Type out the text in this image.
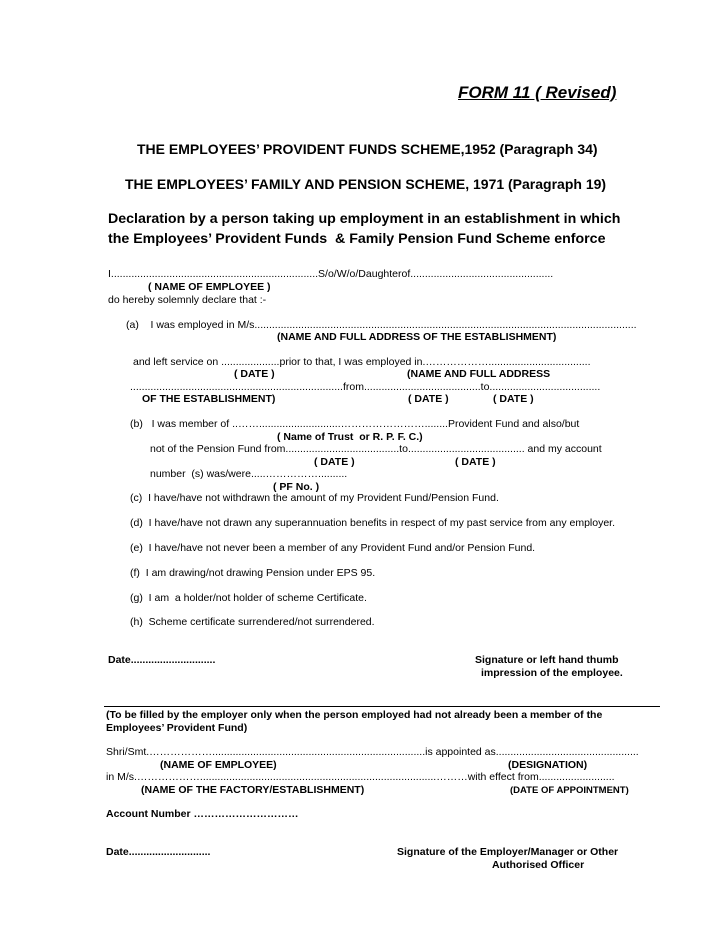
FORM 11 ( Revised)
THE EMPLOYEES’ PROVIDENT FUNDS SCHEME,1952 (Paragraph 34)
THE EMPLOYEES’ FAMILY AND PENSION SCHEME, 1971 (Paragraph 19)
Declaration by a person taking up employment in an establishment in which
the Employees’ Provident Funds  & Family Pension Fund Scheme enforce
I.......................................................................S/o/W/o/Daughterof.................................................
( NAME OF EMPLOYEE )
do hereby solemnly declare that :-
(a)    I was employed in M/s...................................................................................................................................
(NAME AND FULL ADDRESS OF THE ESTABLISHMENT)
and left service on ....................prior to that, I was employed in.………………...................................
( DATE )	(NAME AND FULL ADDRESS
.........................................................................from........................................to......................................
OF THE ESTABLISHMENT)	( DATE )	( DATE )
(b)   I was member of ..……............................……………………........Provident Fund and also/but
( Name of Trust  or R. P. F. C.)
not of the Pension Fund from.......................................to........................................ and my account
( DATE )	( DATE )
number  (s) was/were.....……………..........
( PF No. )
(c)  I have/have not withdrawn the amount of my Provident Fund/Pension Fund.
(d)  I have/have not drawn any superannuation benefits in respect of my past service from any employer.
(e)  I have/have not never been a member of any Provident Fund and/or Pension Fund.
(f)  I am drawing/not drawing Pension under EPS 95.
(g)  I am  a holder/not holder of scheme Certificate.
(h)  Scheme certificate surrendered/not surrendered.
Date.............................	Signature or left hand thumb
impression of the employee.
(To be filled by the employer only when the person employed had not already been a member of the
Employees’ Provident Fund)
Shri/Smt.……………….........................................................................is appointed as.................................................
(NAME OF EMPLOYEE)	(DESIGNATION)
in M/s.……………….................................................................................………with effect from..........................
(NAME OF THE FACTORY/ESTABLISHMENT)	(DATE OF APPOINTMENT)
Account Number …………………………
Date............................	Signature of the Employer/Manager or Other
Authorised Officer
